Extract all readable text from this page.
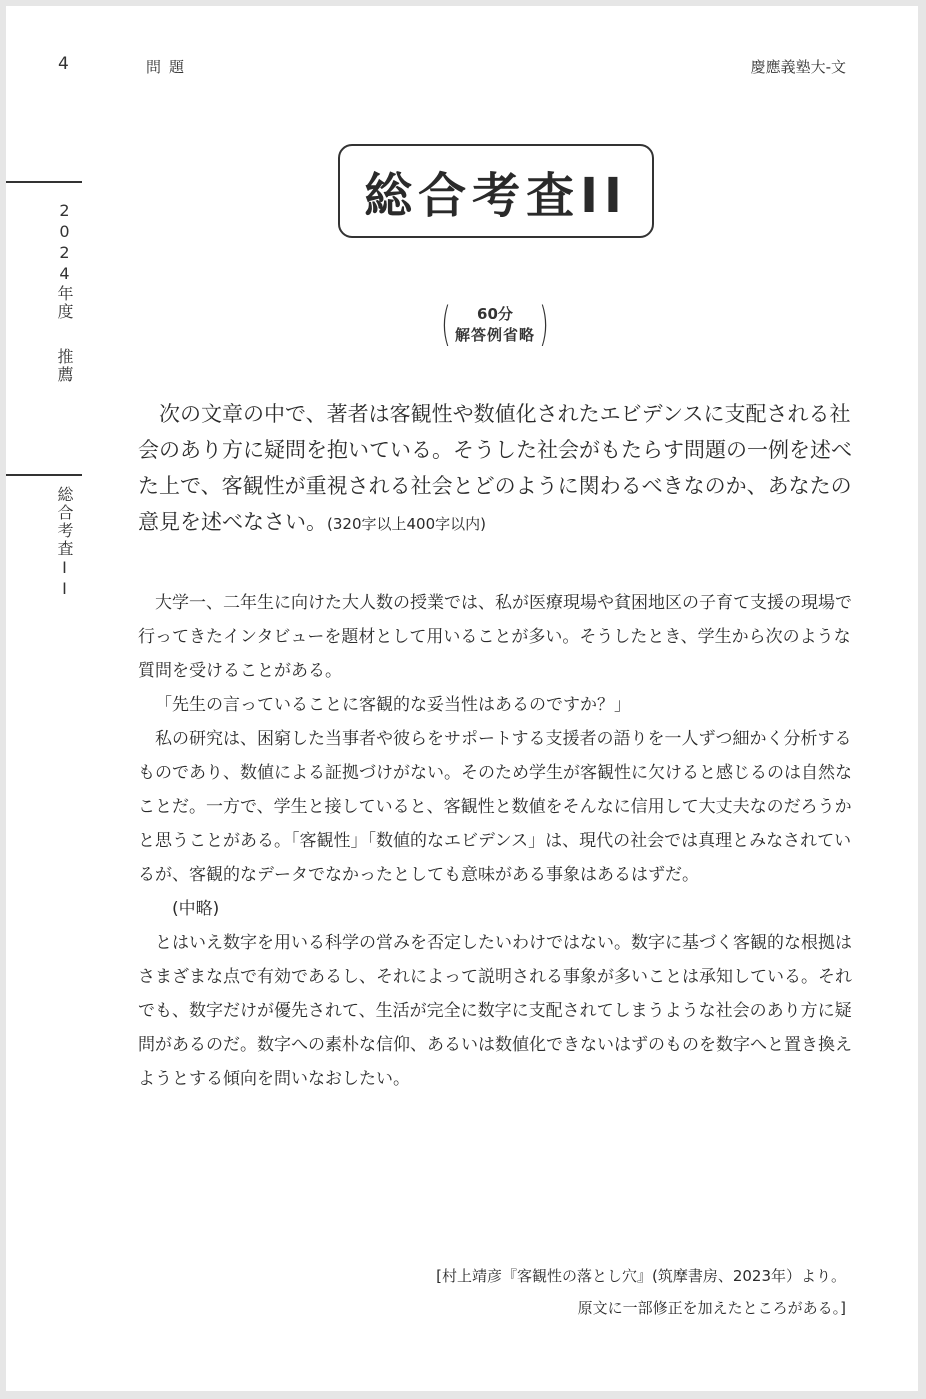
4	問題	慶應義塾大-文
2024年度
推薦
総合考査II
総合考査II
( 60分
解答例省略 )

次の文章の中で、著者は客観性や数値化されたエビデンスに支配される社会のあり方に疑問を抱いている。そうした社会がもたらす問題の一例を述べた上で、客観性が重視される社会とどのように関わるべきなのか、あなたの意見を述べなさい。(320字以上400字以内)

大学一、二年生に向けた大人数の授業では、私が医療現場や貧困地区の子育て支援の現場で行ってきたインタビューを題材として用いることが多い。そうしたとき、学生から次のような質問を受けることがある。

「先生の言っていることに客観的な妥当性はあるのですか？」

私の研究は、困窮した当事者や彼らをサポートする支援者の語りを一人ずつ細かく分析するものであり、数値による証拠づけがない。そのため学生が客観性に欠けると感じるのは自然なことだ。一方で、学生と接していると、客観性と数値をそんなに信用して大丈夫なのだろうかと思うことがある。「客観性」「数値的なエビデンス」は、現代の社会では真理とみなされているが、客観的なデータでなかったとしても意味がある事象はあるはずだ。

(中略)

とはいえ数字を用いる科学の営みを否定したいわけではない。数字に基づく客観的な根拠はさまざまな点で有効であるし、それによって説明される事象が多いことは承知している。それでも、数字だけが優先されて、生活が完全に数字に支配されてしまうような社会のあり方に疑問があるのだ。数字への素朴な信仰、あるいは数値化できないはずのものを数字へと置き換えようとする傾向を問いなおしたい。

[村上靖彦『客観性の落とし穴』(筑摩書房、2023年）より。
原文に一部修正を加えたところがある。]
